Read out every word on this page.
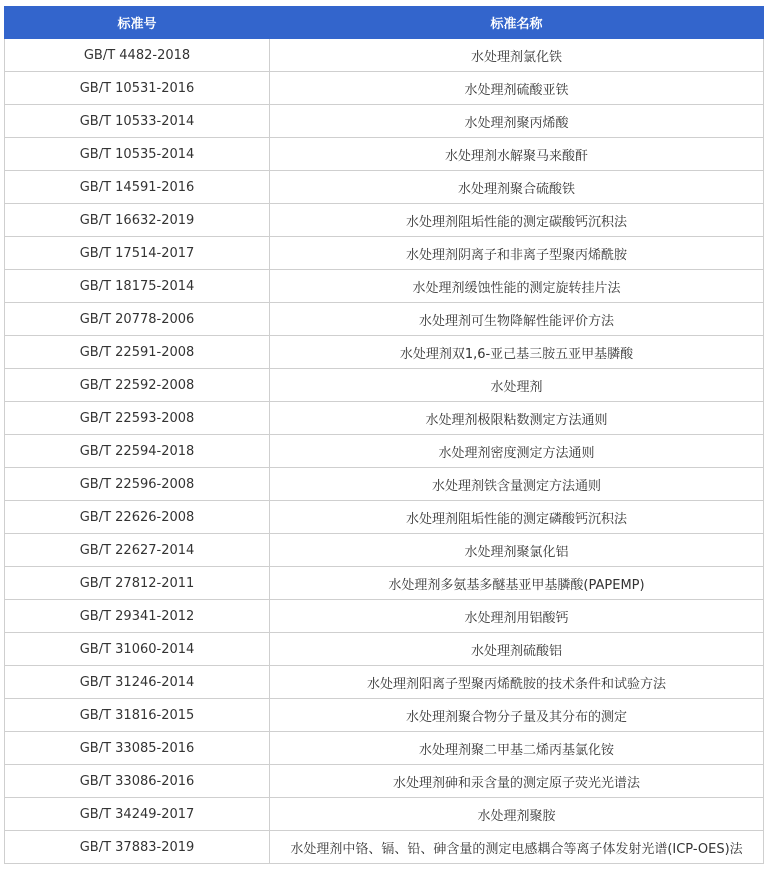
标准号	标准名称
GB/T 4482-2018	水处理剂氯化铁
GB/T 10531-2016	水处理剂硫酸亚铁
GB/T 10533-2014	水处理剂聚丙烯酸
GB/T 10535-2014	水处理剂水解聚马来酸酐
GB/T 14591-2016	水处理剂聚合硫酸铁
GB/T 16632-2019	水处理剂阻垢性能的测定碳酸钙沉积法
GB/T 17514-2017	水处理剂阴离子和非离子型聚丙烯酰胺
GB/T 18175-2014	水处理剂缓蚀性能的测定旋转挂片法
GB/T 20778-2006	水处理剂可生物降解性能评价方法
GB/T 22591-2008	水处理剂双1,6-亚己基三胺五亚甲基膦酸
GB/T 22592-2008	水处理剂
GB/T 22593-2008	水处理剂极限粘数测定方法通则
GB/T 22594-2018	水处理剂密度测定方法通则
GB/T 22596-2008	水处理剂铁含量测定方法通则
GB/T 22626-2008	水处理剂阻垢性能的测定磷酸钙沉积法
GB/T 22627-2014	水处理剂聚氯化铝
GB/T 27812-2011	水处理剂多氨基多醚基亚甲基膦酸(PAPEMP)
GB/T 29341-2012	水处理剂用铝酸钙
GB/T 31060-2014	水处理剂硫酸铝
GB/T 31246-2014	水处理剂阳离子型聚丙烯酰胺的技术条件和试验方法
GB/T 31816-2015	水处理剂聚合物分子量及其分布的测定
GB/T 33085-2016	水处理剂聚二甲基二烯丙基氯化铵
GB/T 33086-2016	水处理剂砷和汞含量的测定原子荧光光谱法
GB/T 34249-2017	水处理剂聚胺
GB/T 37883-2019	水处理剂中铬、镉、铅、砷含量的测定电感耦合等离子体发射光谱(ICP-OES)法
